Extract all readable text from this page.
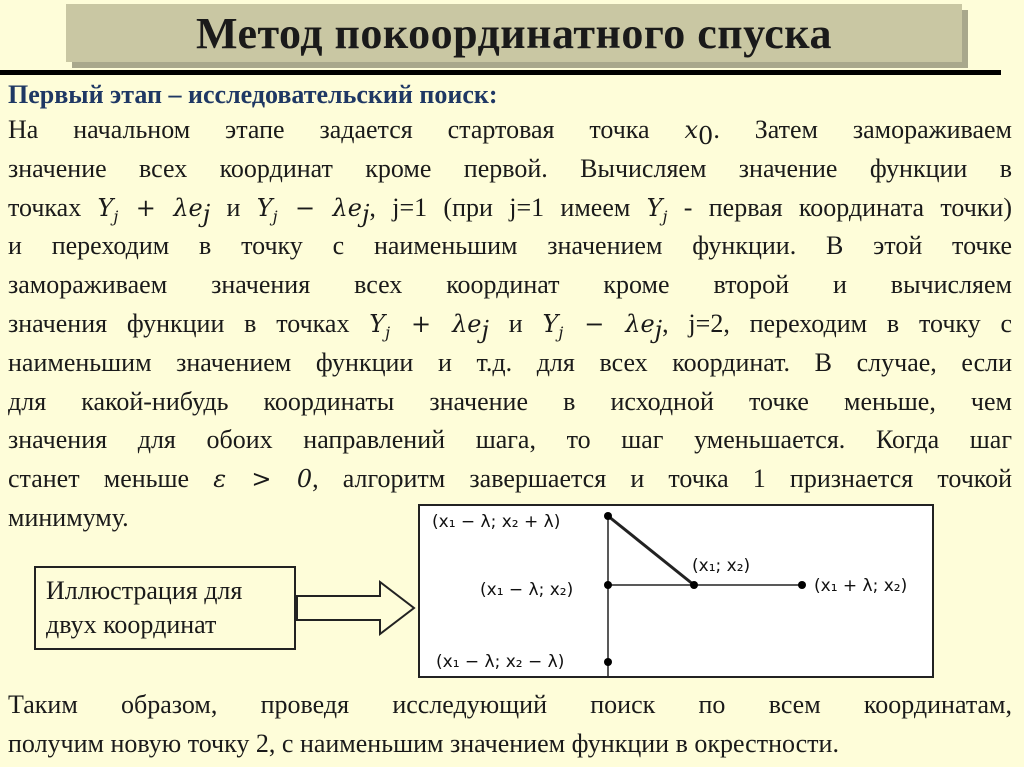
Метод покоординатного спуска
Первый этап – исследовательский поиск:
На начальном этапе задается стартовая точка $x_0$. Затем замораживаем
значение всех координат кроме первой. Вычисляем значение функции в
точках $Y_j + \lambda e_j$ и $Y_j - \lambda e_j$, j=1 (при j=1 имеем $Y_j$ - первая координата точки)
и переходим в точку с наименьшим значением функции. В этой точке
замораживаем значения всех координат кроме второй и вычисляем
значения функции в точках $Y_j + \lambda e_j$ и $Y_j - \lambda e_j$, j=2, переходим в точку с
наименьшим значением функции и т.д. для всех координат. В случае, если
для какой-нибудь координаты значение в исходной точке меньше, чем
значения для обоих направлений шага, то шаг уменьшается. Когда шаг
станет меньше ε > 0, алгоритм завершается и точка 1 признается точкой
минимуму.
Иллюстрация для
двух координат
(x₁ − λ; x₂ + λ)
(x₁ − λ; x₂)
(x₁ − λ; x₂ − λ)
(x₁; x₂)
(x₁ + λ; x₂)
Таким образом, проведя исследующий поиск по всем координатам,
получим новую точку 2, с наименьшим значением функции в окрестности.
